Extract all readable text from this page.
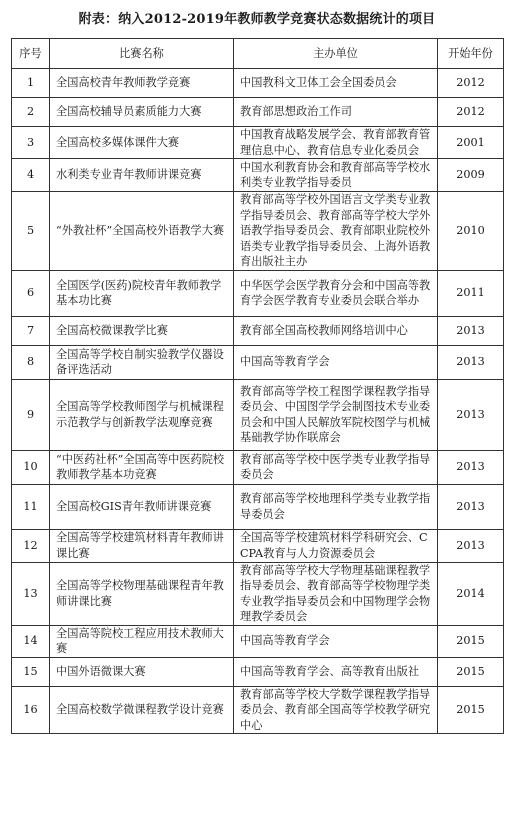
附表：纳入2012-2019年教师教学竞赛状态数据统计的项目
序号	比赛名称	主办单位	开始年份
1	全国高校青年教师教学竞赛	中国教科文卫体工会全国委员会	2012
2	全国高校辅导员素质能力大赛	教育部思想政治工作司	2012
3	全国高校多媒体课件大赛	中国教育战略发展学会、教育部教育管理信息中心、教育信息专业化委员会	2001
4	水利类专业青年教师讲课竞赛	中国水利教育协会和教育部高等学校水利类专业教学指导委员	2009
5	“外教社杯”全国高校外语教学大赛	教育部高等学校外国语言文学类专业教学指导委员会、教育部高等学校大学外语教学指导委员会、教育部职业院校外语类专业教学指导委员会、上海外语教育出版社主办	2010
6	全国医学(医药)院校青年教师教学基本功比赛	中华医学会医学教育分会和中国高等教育学会医学教育专业委员会联合举办	2011
7	全国高校微课教学比赛	教育部全国高校教师网络培训中心	2013
8	全国高等学校自制实验教学仪器设备评选活动	中国高等教育学会	2013
9	全国高等学校教师图学与机械课程示范教学与创新教学法观摩竞赛	教育部高等学校工程图学课程教学指导委员会、中国图学学会制图技术专业委员会和中国人民解放军院校图学与机械基础教学协作联席会	2013
10	“中医药社杯”全国高等中医药院校教师教学基本功竞赛	教育部高等学校中医学类专业教学指导委员会	2013
11	全国高校GIS青年教师讲课竞赛	教育部高等学校地理科学类专业教学指导委员会	2013
12	全国高等学校建筑材料青年教师讲课比赛	全国高等学校建筑材料学科研究会、CCPA教育与人力资源委员会	2013
13	全国高等学校物理基础课程青年教师讲课比赛	教育部高等学校大学物理基础课程教学指导委员会、教育部高等学校物理学类专业教学指导委员会和中国物理学会物理教学委员会	2014
14	全国高等院校工程应用技术教师大赛	中国高等教育学会	2015
15	中国外语微课大赛	中国高等教育学会、高等教育出版社	2015
16	全国高校数学微课程教学设计竞赛	教育部高等学校大学数学课程教学指导委员会、教育部全国高等学校教学研究中心	2015
